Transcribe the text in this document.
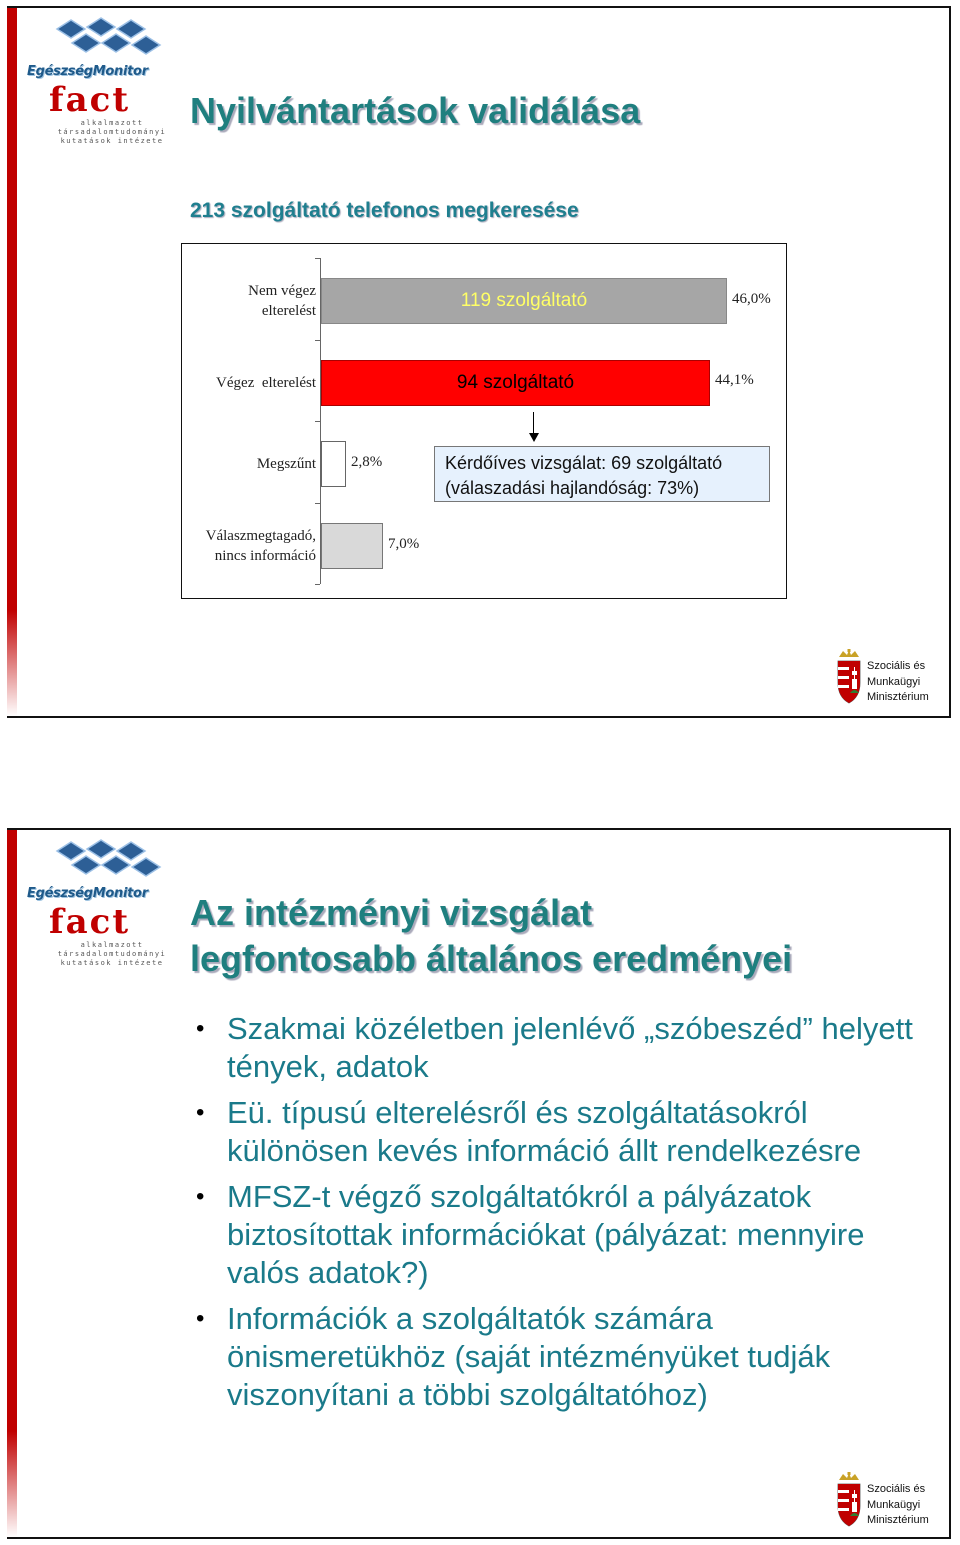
EgészségMonitor
fact
alkalmazott
társadalomtudományi
kutatások intézete
Nyilvántartások validálása
213 szolgáltató telefonos megkeresése
Nem végez
elterelést
Végez  elterelést
Megszűnt
Válaszmegtagadó,
nincs információ
119 szolgáltató
94 szolgáltató
46,0%
44,1%
2,8%
7,0%
Kérdőíves vizsgálat: 69 szolgáltató
(válaszadási hajlandóság: 73%)
Szociális és
Munkaügyi
Minisztérium
EgészségMonitor
fact
alkalmazott
társadalomtudományi
kutatások intézete
Az intézményi vizsgálat
legfontosabb általános eredményei
• Szakmai közéletben jelenlévő „szóbeszéd” helyett
tények, adatok
• Eü. típusú elterelésről és szolgáltatásokról
különösen kevés információ állt rendelkezésre
• MFSZ-t végző szolgáltatókról a pályázatok
biztosítottak információkat (pályázat: mennyire
valós adatok?)
• Információk a szolgáltatók számára
önismeretükhöz (saját intézményüket tudják
viszonyítani a többi szolgáltatóhoz)
Szociális és
Munkaügyi
Minisztérium
